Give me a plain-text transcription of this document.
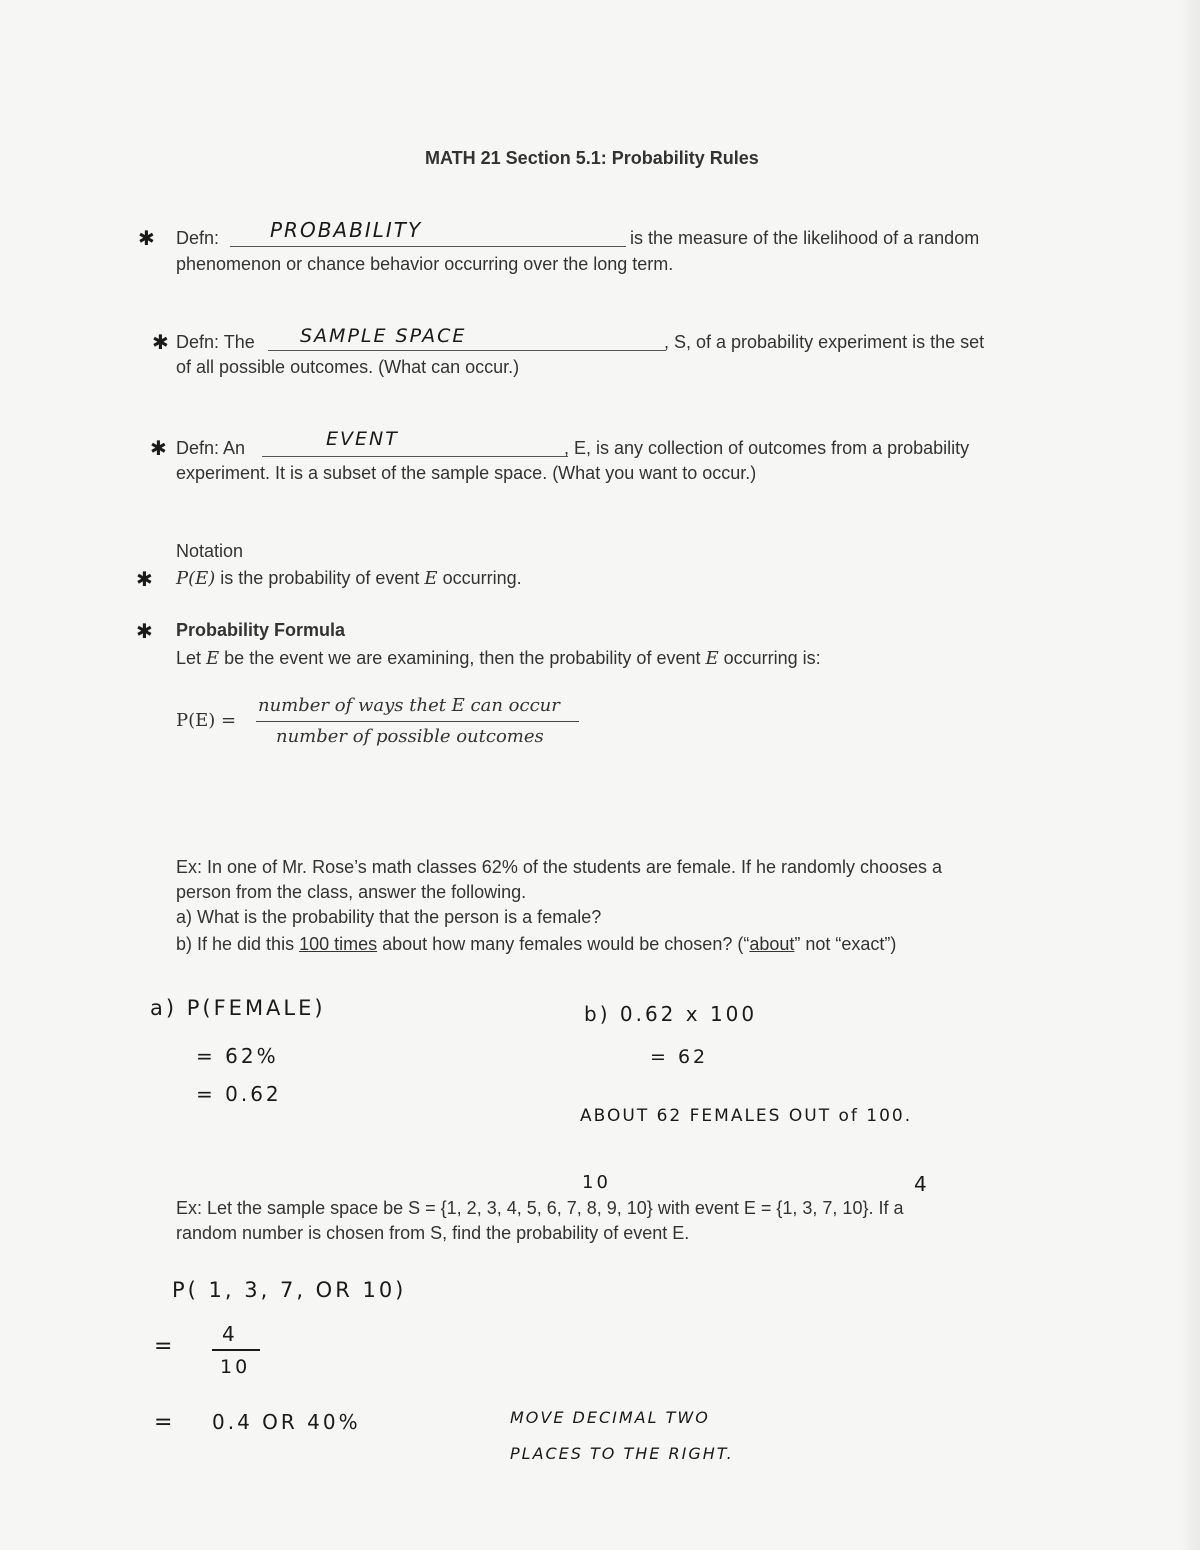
MATH 21 Section 5.1: Probability Rules
✱ Defn:	PROBABILITY	is the measure of the likelihood of a random
phenomenon or chance behavior occurring over the long term.
✱ Defn: The SAMPLE SPACE	, S, of a probability experiment is the set
of all possible outcomes. (What can occur.)
✱ Defn: An	EVENT	, E, is any collection of outcomes from a probability
experiment. It is a subset of the sample space. (What you want to occur.)
Notation
✱ P(E) is the probability of event E occurring.
✱ Probability Formula
Let E be the event we are examining, then the probability of event E occurring is:
P(E) =
number of ways thet E can occur
number of possible outcomes
Ex: In one of Mr. Rose’s math classes 62% of the students are female. If he randomly chooses a
person from the class, answer the following.
a) What is the probability that the person is a female?
b) If he did this 100 times about how many females would be chosen? (“about” not “exact”)
a) P(FEMALE)
= 62%
= 0.62
b) 0.62 x 100
= 62
ABOUT 62 FEMALES OUT of 100.
10	4
Ex: Let the sample space be S = {1, 2, 3, 4, 5, 6, 7, 8, 9, 10} with event E = {1, 3, 7, 10}. If a
random number is chosen from S, find the probability of event E.
P( 1, 3, 7, OR 10)
= 4
10
= 0.4 OR 40%	MOVE DECIMAL TWO
PLACES TO THE RIGHT.
